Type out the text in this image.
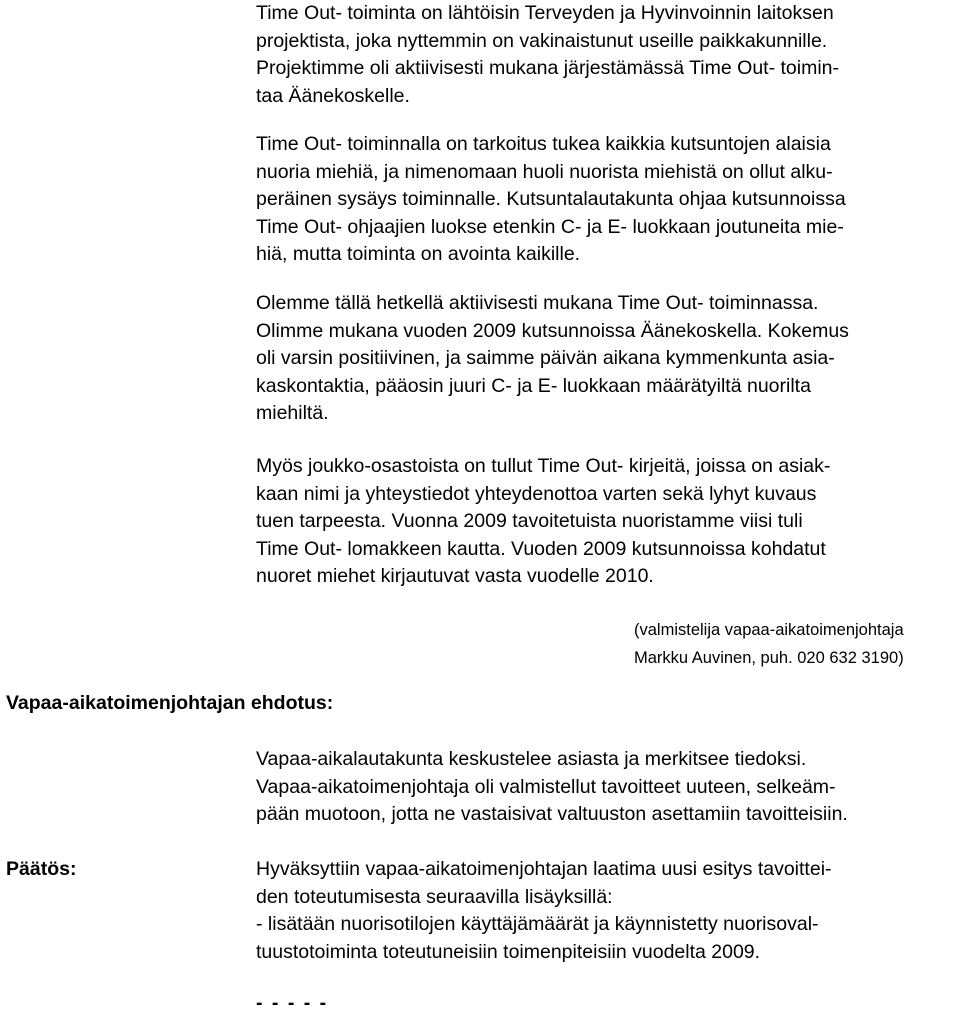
Time Out- toiminta on lähtöisin Terveyden ja Hyvinvoinnin laitoksen
projektista, joka nyttemmin on vakinaistunut useille paikkakunnille.
Projektimme oli aktiivisesti mukana järjestämässä Time Out- toimin-
taa Äänekoskelle.
Time Out- toiminnalla on tarkoitus tukea kaikkia kutsuntojen alaisia
nuoria miehiä, ja nimenomaan huoli nuorista miehistä on ollut alku-
peräinen sysäys toiminnalle. Kutsuntalautakunta ohjaa kutsunnoissa
Time Out- ohjaajien luokse etenkin C- ja E- luokkaan joutuneita mie-
hiä, mutta toiminta on avointa kaikille.
Olemme tällä hetkellä aktiivisesti mukana Time Out- toiminnassa.
Olimme mukana vuoden 2009 kutsunnoissa Äänekoskella. Kokemus
oli varsin positiivinen, ja saimme päivän aikana kymmenkunta asia-
kaskontaktia, pääosin juuri C- ja E- luokkaan määrätyiltä nuorilta
miehiltä.
Myös joukko-osastoista on tullut Time Out- kirjeitä, joissa on asiak-
kaan nimi ja yhteystiedot yhteydenottoa varten sekä lyhyt kuvaus
tuen tarpeesta. Vuonna 2009 tavoitetuista nuoristamme viisi tuli
Time Out- lomakkeen kautta. Vuoden 2009 kutsunnoissa kohdatut
nuoret miehet kirjautuvat vasta vuodelle 2010.
(valmistelija vapaa-aikatoimenjohtaja
Markku Auvinen, puh. 020 632 3190)
Vapaa-aikatoimenjohtajan ehdotus:
Vapaa-aikalautakunta keskustelee asiasta ja merkitsee tiedoksi.
Vapaa-aikatoimenjohtaja oli valmistellut tavoitteet uuteen, selkeäm-
pään muotoon, jotta ne vastaisivat valtuuston asettamiin tavoitteisiin.
Päätös:	Hyväksyttiin vapaa-aikatoimenjohtajan laatima uusi esitys tavoittei-
den toteutumisesta seuraavilla lisäyksillä:
- lisätään nuorisotilojen käyttäjämäärät ja käynnistetty nuorisoval-
tuustotoiminta toteutuneisiin toimenpiteisiin vuodelta 2009.
- - - - -
